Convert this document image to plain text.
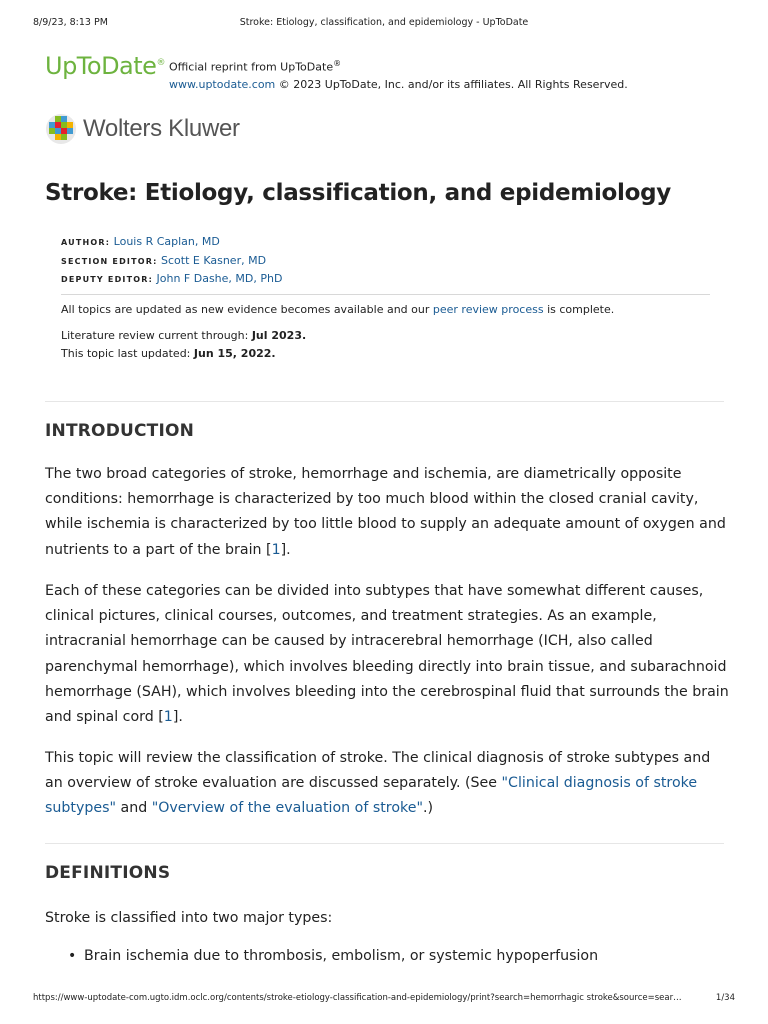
8/9/23, 8:13 PM	Stroke: Etiology, classification, and epidemiology - UpToDate
UpToDate® Official reprint from UpToDate®
www.uptodate.com © 2023 UpToDate, Inc. and/or its affiliates. All Rights Reserved.
Wolters Kluwer
Stroke: Etiology, classification, and epidemiology
AUTHOR: Louis R Caplan, MD
SECTION EDITOR: Scott E Kasner, MD
DEPUTY EDITOR: John F Dashe, MD, PhD
All topics are updated as new evidence becomes available and our peer review process is complete.
Literature review current through: Jul 2023.
This topic last updated: Jun 15, 2022.
INTRODUCTION

The two broad categories of stroke, hemorrhage and ischemia, are diametrically opposite conditions: hemorrhage is characterized by too much blood within the closed cranial cavity, while ischemia is characterized by too little blood to supply an adequate amount of oxygen and nutrients to a part of the brain [1].

Each of these categories can be divided into subtypes that have somewhat different causes, clinical pictures, clinical courses, outcomes, and treatment strategies. As an example, intracranial hemorrhage can be caused by intracerebral hemorrhage (ICH, also called parenchymal hemorrhage), which involves bleeding directly into brain tissue, and subarachnoid hemorrhage (SAH), which involves bleeding into the cerebrospinal fluid that surrounds the brain and spinal cord [1].

This topic will review the classification of stroke. The clinical diagnosis of stroke subtypes and an overview of stroke evaluation are discussed separately. (See "Clinical diagnosis of stroke subtypes" and "Overview of the evaluation of stroke".)

DEFINITIONS

Stroke is classified into two major types:

• Brain ischemia due to thrombosis, embolism, or systemic hypoperfusion
https://www-uptodate-com.ugto.idm.oclc.org/contents/stroke-etiology-classification-and-epidemiology/print?search=hemorrhagic stroke&source=sear…	1/34
